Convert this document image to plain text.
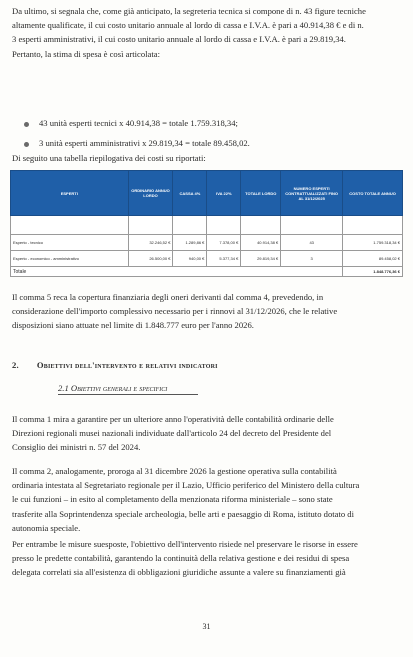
Da ultimo, si segnala che, come già anticipato, la segreteria tecnica si compone di n. 43 figure tecniche
altamente qualificate, il cui costo unitario annuale al lordo di cassa e I.V.A. è pari a 40.914,38 € e di n.
3 esperti amministrativi, il cui costo unitario annuale al lordo di cassa e I.V.A. è pari a 29.819,34.
Pertanto, la stima di spesa è così articolata:
43 unità esperti tecnici x 40.914,38 = totale 1.759.318,34;
3 unità esperti amministrativi x 29.819,34 = totale 89.458,02.
Di seguito una tabella riepilogativa dei costi su riportati:
ESPERTI	ORDINARIO ANNUO LORDO	CASSA 4%	IVA 22%	TOTALE LORDO	NUMERO ESPERTI CONTRATTUALIZZATI FINO AL 31/12/2025	COSTO TOTALE ANNUO

Esperto - tecnico	32.246,52 €	1.289,86 €	7.378,00 €	40.914,38 €	43	1.759.318,34 €
Esperto - economico - amministrativo	26.500,00 €	940,00 €	5.377,34 €	29.819,34 €	3	89.458,02 €
Totale						1.848.776,36 €
Il comma 5 reca la copertura finanziaria degli oneri derivanti dal comma 4, prevedendo, in
considerazione dell'importo complessivo necessario per i rinnovi al 31/12/2026, che le relative
disposizioni siano attuate nel limite di 1.848.777 euro per l'anno 2026.
2. Obiettivi dell'intervento e relativi indicatori
2.1 Obiettivi generali e specifici
Il comma 1 mira a garantire per un ulteriore anno l'operatività delle contabilità ordinarie delle
Direzioni regionali musei nazionali individuate dall'articolo 24 del decreto del Presidente del
Consiglio dei ministri n. 57 del 2024.
Il comma 2, analogamente, proroga al 31 dicembre 2026 la gestione operativa sulla contabilità
ordinaria intestata al Segretariato regionale per il Lazio, Ufficio periferico del Ministero della cultura
le cui funzioni – in esito al completamento della menzionata riforma ministeriale – sono state
trasferite alla Soprintendenza speciale archeologia, belle arti e paesaggio di Roma, istituto dotato di
autonomia speciale.
Per entrambe le misure suesposte, l'obiettivo dell'intervento risiede nel preservare le risorse in essere
presso le predette contabilità, garantendo la continuità della relativa gestione e dei residui di spesa
delegata correlati sia all'esistenza di obbligazioni giuridiche assunte a valere su finanziamenti già
31
